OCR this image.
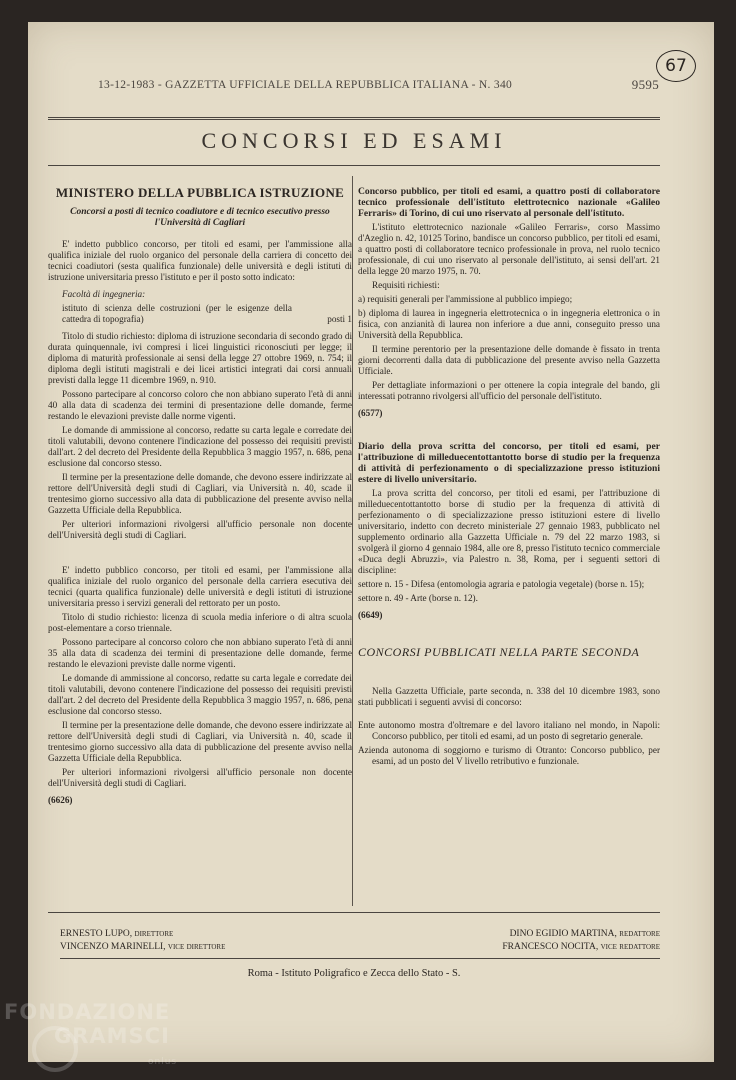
67
13-12-1983 - GAZZETTA UFFICIALE DELLA REPUBBLICA ITALIANA - N. 340	9595
CONCORSI ED ESAMI
MINISTERO DELLA PUBBLICA ISTRUZIONE
Concorsi a posti di tecnico coadiutore e di tecnico esecutivo presso l'Università di Cagliari

E' indetto pubblico concorso, per titoli ed esami, per l'ammissione alla qualifica iniziale del ruolo organico del personale della carriera di concetto dei tecnici coadiutori (sesta qualifica funzionale) delle università e degli istituti di istruzione universitaria presso l'istituto e per il posto sotto indicato:

Facoltà di ingegneria:
istituto di scienza delle costruzioni (per le esigenze della cattedra di topografia)	posti 1

Titolo di studio richiesto: diploma di istruzione secondaria di secondo grado di durata quinquennale, ivi compresi i licei linguistici riconosciuti per legge; il diploma di maturità professionale ai sensi della legge 27 ottobre 1969, n. 754; il diploma degli istituti magistrali e dei licei artistici integrati dai corsi annuali previsti dalla legge 11 dicembre 1969, n. 910.

Possono partecipare al concorso coloro che non abbiano superato l'età di anni 40 alla data di scadenza dei termini di presentazione delle domande, ferme restando le elevazioni previste dalle norme vigenti.

Le domande di ammissione al concorso, redatte su carta legale e corredate dei titoli valutabili, devono contenere l'indicazione del possesso dei requisiti previsti dall'art. 2 del decreto del Presidente della Repubblica 3 maggio 1957, n. 686, pena esclusione dal concorso stesso.

Il termine per la presentazione delle domande, che devono essere indirizzate al rettore dell'Università degli studi di Cagliari, via Università n. 40, scade il trentesimo giorno successivo alla data di pubblicazione del presente avviso nella Gazzetta Ufficiale della Repubblica.

Per ulteriori informazioni rivolgersi all'ufficio personale non docente dell'Università degli studi di Cagliari.

E' indetto pubblico concorso, per titoli ed esami, per l'ammissione alla qualifica iniziale del ruolo organico del personale della carriera esecutiva dei tecnici (quarta qualifica funzionale) delle università e degli istituti di istruzione universitaria presso i servizi generali del rettorato per un posto.

Titolo di studio richiesto: licenza di scuola media inferiore o di altra scuola post-elementare a corso triennale.

Possono partecipare al concorso coloro che non abbiano superato l'età di anni 35 alla data di scadenza dei termini di presentazione delle domande, ferme restando le elevazioni previste dalle norme vigenti.

Le domande di ammissione al concorso, redatte su carta legale e corredate dei titoli valutabili, devono contenere l'indicazione del possesso dei requisiti previsti dall'art. 2 del decreto del Presidente della Repubblica 3 maggio 1957, n. 686, pena esclusione dal concorso stesso.

Il termine per la presentazione delle domande, che devono essere indirizzate al rettore dell'Università degli studi di Cagliari, via Università n. 40, scade il trentesimo giorno successivo alla data di pubblicazione del presente avviso nella Gazzetta Ufficiale della Repubblica.

Per ulteriori informazioni rivolgersi all'ufficio personale non docente dell'Università degli studi di Cagliari.

(6626)

Concorso pubblico, per titoli ed esami, a quattro posti di collaboratore tecnico professionale dell'istituto elettrotecnico nazionale «Galileo Ferraris» di Torino, di cui uno riservato al personale dell'istituto.

L'istituto elettrotecnico nazionale «Galileo Ferraris», corso Massimo d'Azeglio n. 42, 10125 Torino, bandisce un concorso pubblico, per titoli ed esami, a quattro posti di collaboratore tecnico professionale in prova, nel ruolo tecnico professionale, di cui uno riservato al personale dell'istituto, ai sensi dell'art. 21 della legge 20 marzo 1975, n. 70.

Requisiti richiesti:

a) requisiti generali per l'ammissione al pubblico impiego;

b) diploma di laurea in ingegneria elettrotecnica o in ingegneria elettronica o in fisica, con anzianità di laurea non inferiore a due anni, conseguito presso una Università della Repubblica.

Il termine perentorio per la presentazione delle domande è fissato in trenta giorni decorrenti dalla data di pubblicazione del presente avviso nella Gazzetta Ufficiale.

Per dettagliate informazioni o per ottenere la copia integrale del bando, gli interessati potranno rivolgersi all'ufficio del personale dell'istituto.

(6577)

Diario della prova scritta del concorso, per titoli ed esami, per l'attribuzione di milleduecentottantotto borse di studio per la frequenza di attività di perfezionamento o di specializzazione presso istituzioni estere di livello universitario.

La prova scritta del concorso, per titoli ed esami, per l'attribuzione di milleduecentottantotto borse di studio per la frequenza di attività di perfezionamento o di specializzazione presso istituzioni estere di livello universitario, indetto con decreto ministeriale 27 gennaio 1983, pubblicato nel supplemento ordinario alla Gazzetta Ufficiale n. 79 del 22 marzo 1983, si svolgerà il giorno 4 gennaio 1984, alle ore 8, presso l'istituto tecnico commerciale «Duca degli Abruzzi», via Palestro n. 38, Roma, per i seguenti settori di discipline:

settore n. 15 - Difesa (entomologia agraria e patologia vegetale) (borse n. 15);

settore n. 49 - Arte (borse n. 12).

(6649)
CONCORSI PUBBLICATI NELLA PARTE SECONDA

Nella Gazzetta Ufficiale, parte seconda, n. 338 del 10 dicembre 1983, sono stati pubblicati i seguenti avvisi di concorso:

Ente autonomo mostra d'oltremare e del lavoro italiano nel mondo, in Napoli: Concorso pubblico, per titoli ed esami, ad un posto di segretario generale.

Azienda autonoma di soggiorno e turismo di Otranto: Concorso pubblico, per esami, ad un posto del V livello retributivo e funzionale.

ERNESTO LUPO, direttore
VINCENZO MARINELLI, vice direttore
DINO EGIDIO MARTINA, redattore
FRANCESCO NOCITA, vice redattore
Roma - Istituto Poligrafico e Zecca dello Stato - S.
FONDAZIONE
GRAMSCI
onlus
